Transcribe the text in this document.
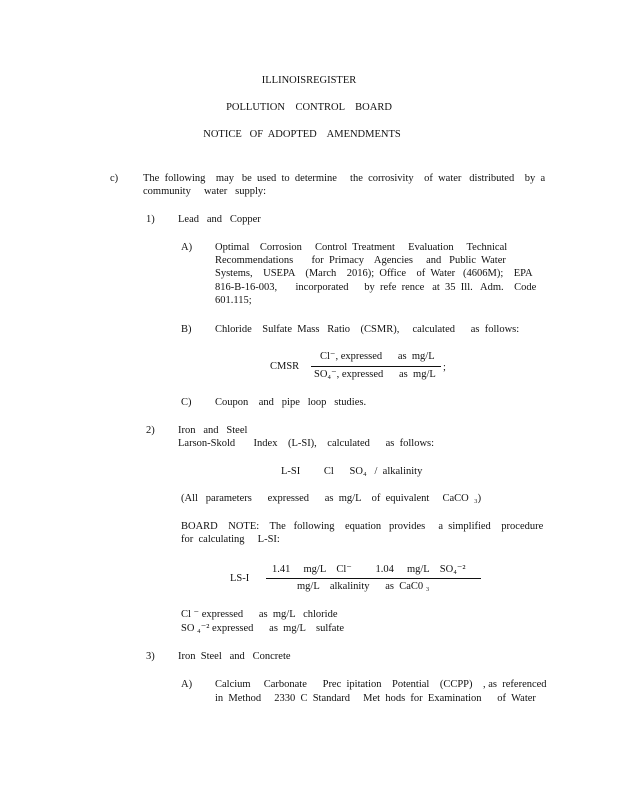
ILLINOISREGISTER
POLLUTION    CONTROL    BOARD
NOTICE   OF  ADOPTED    AMENDMENTS
c) The  following    may   be  used  to  determine     the  corrosivity    of  water   distributed    by  a
community     water   supply:
1) Lead   and   Copper
A) Optimal    Corrosion     Control  Treatment     Evaluation     Technical
Recommendations       for  Primacy    Agencies     and   Public  Water
Systems,    USEPA    (March    2016);  Office    of  Water   (4606M);    EPA
816-B-16-003,       incorporated      by  refe  rence   at  35  Ill.   Adm.    Code
601.115;
B) Chloride    Sulfate  Mass   Ratio    (CSMR),     calculated      as  follows:
CMSR
Cl⁻, expressed      as  mg/L
SO₄⁻, expressed      as  mg/L
;
C) Coupon    and   pipe   loop   studies.
2) Iron   and   Steel
Larson-Skold       Index    (L-SI),    calculated      as  follows:
L-SI         Cl      SO₄   /  alkalinity
(All   parameters      expressed      as  mg/L    of  equivalent     CaCO  ₃)
BOARD    NOTE:    The   following    equation   provides     a  simplified    procedure
for  calculating     L-SI:
LS-I
1.41     mg/L    Cl⁻         1.04     mg/L    SO₄⁻²
mg/L    alkalinity      as  CaC0 ₃
Cl ⁻ expressed      as  mg/L   chloride
SO ₄⁻² expressed      as  mg/L    sulfate
3) Iron  Steel   and   Concrete
A) Calcium     Carbonate      Prec  ipitation    Potential    (CCPP)    , as  referenced
in  Method     2330  C  Standard     Met  hods  for  Examination      of  Water
